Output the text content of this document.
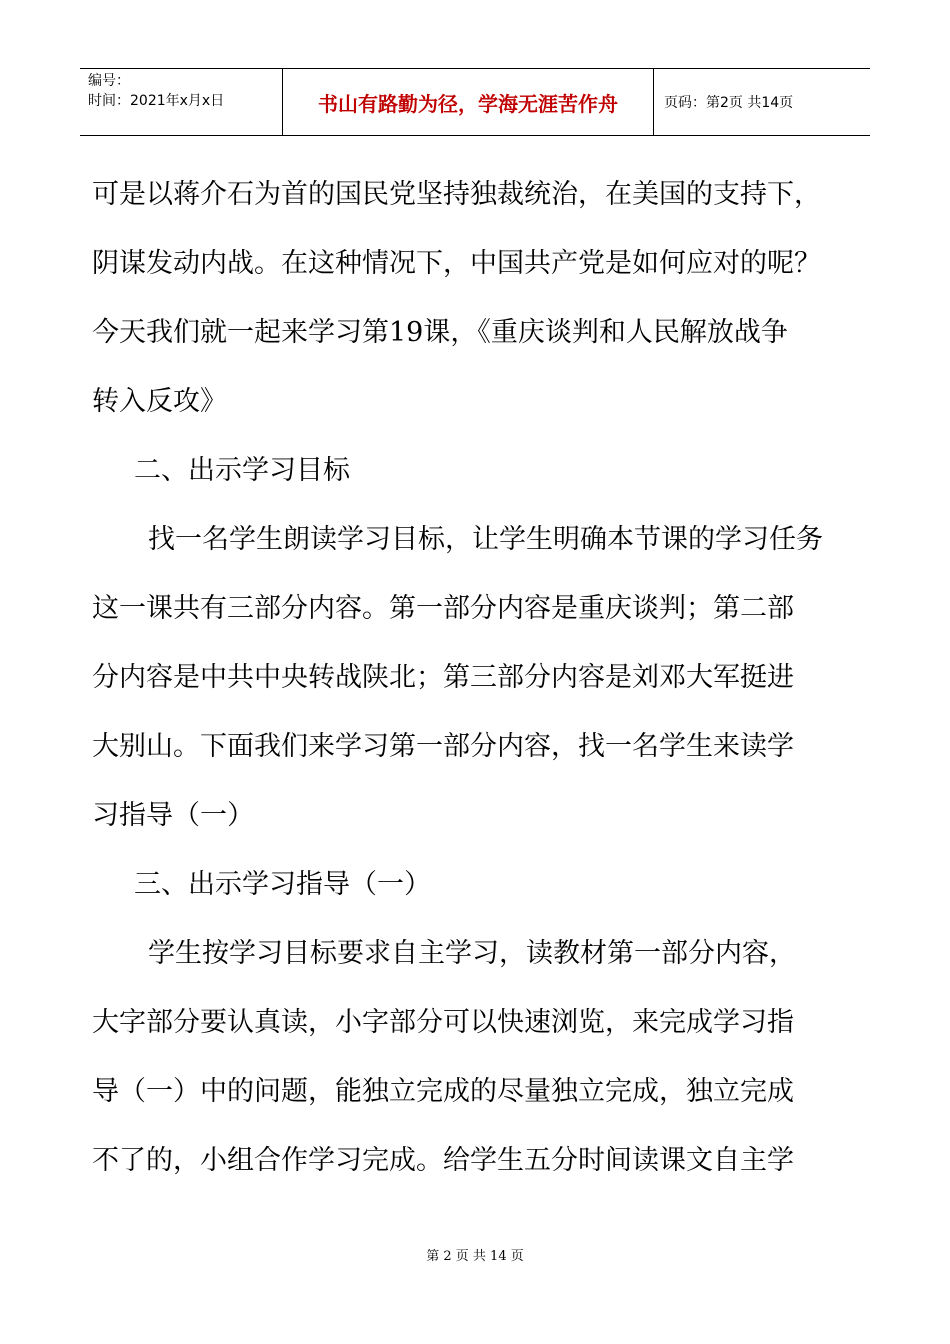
编号：
时间：2021年x月x日	书山有路勤为径，学海无涯苦作舟	页码：第2页 共14页
可是以蒋介石为首的国民党坚持独裁统治，在美国的支持下，
阴谋发动内战。在这种情况下，中国共产党是如何应对的呢？
今天我们就一起来学习第19课，《重庆谈判和人民解放战争
转入反攻》
二、出示学习目标
找一名学生朗读学习目标，让学生明确本节课的学习任务
这一课共有三部分内容。第一部分内容是重庆谈判；第二部
分内容是中共中央转战陕北；第三部分内容是刘邓大军挺进
大别山。下面我们来学习第一部分内容，找一名学生来读学
习指导（一）
三、出示学习指导（一）
学生按学习目标要求自主学习，读教材第一部分内容，
大字部分要认真读，小字部分可以快速浏览，来完成学习指
导（一）中的问题，能独立完成的尽量独立完成，独立完成
不了的，小组合作学习完成。给学生五分时间读课文自主学
第 2 页 共 14 页
